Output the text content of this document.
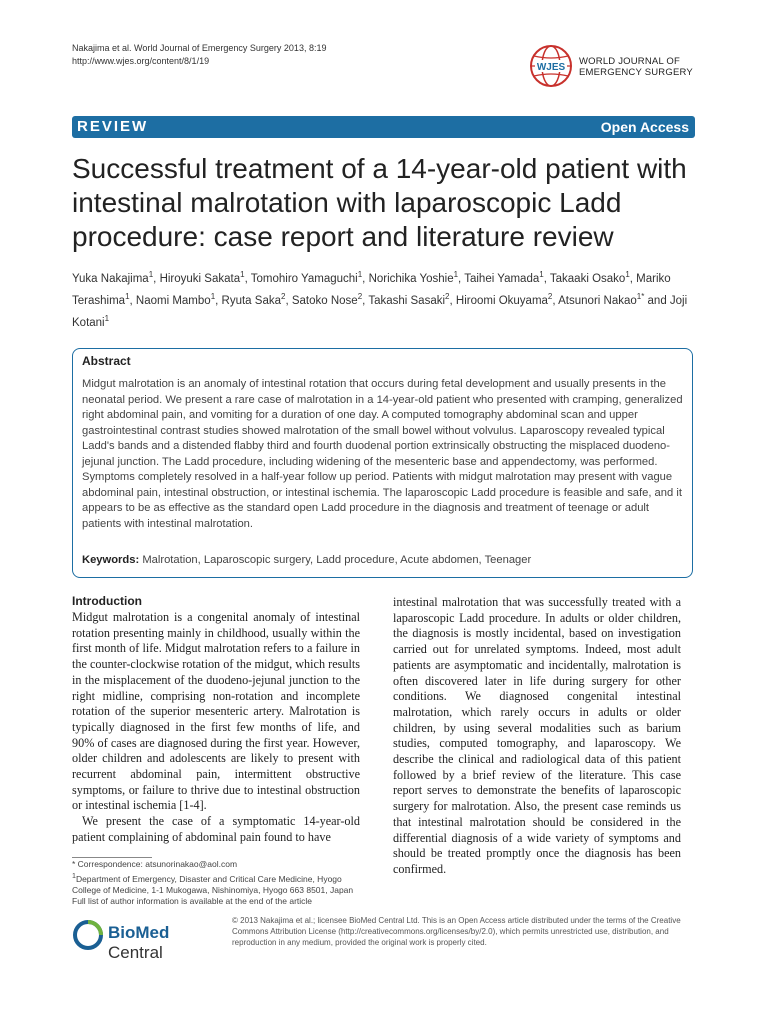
Nakajima et al. World Journal of Emergency Surgery 2013, 8:19
http://www.wjes.org/content/8/1/19
WJES
WORLD JOURNAL OF
EMERGENCY SURGERY
REVIEW	Open Access
Successful treatment of a 14-year-old patient with intestinal malrotation with laparoscopic Ladd procedure: case report and literature review
Yuka Nakajima$^1$, Hiroyuki Sakata$^1$, Tomohiro Yamaguchi$^1$, Norichika Yoshie$^1$, Taihei Yamada$^1$, Takaaki Osako$^1$, Mariko Terashima$^1$, Naomi Mambo$^1$, Ryuta Saka$^2$, Satoko Nose$^2$, Takashi Sasaki$^2$, Hiroomi Okuyama$^2$, Atsunori Nakao$^{1*}$ and Joji Kotani$^1$
Abstract
Midgut malrotation is an anomaly of intestinal rotation that occurs during fetal development and usually presents in the neonatal period. We present a rare case of malrotation in a 14-year-old patient who presented with cramping, generalized right abdominal pain, and vomiting for a duration of one day. A computed tomography abdominal scan and upper gastrointestinal contrast studies showed malrotation of the small bowel without volvulus. Laparoscopy revealed typical Ladd's bands and a distended flabby third and fourth duodenal portion extrinsically obstructing the misplaced duodeno-jejunal junction. The Ladd procedure, including widening of the mesenteric base and appendectomy, was performed. Symptoms completely resolved in a half-year follow up period. Patients with midgut malrotation may present with vague abdominal pain, intestinal obstruction, or intestinal ischemia. The laparoscopic Ladd procedure is feasible and safe, and it appears to be as effective as the standard open Ladd procedure in the diagnosis and treatment of teenage or adult patients with intestinal malrotation.
Keywords: Malrotation, Laparoscopic surgery, Ladd procedure, Acute abdomen, Teenager
Introduction

Midgut malrotation is a congenital anomaly of intestinal rotation presenting mainly in childhood, usually within the first month of life. Midgut malrotation refers to a failure in the counter-clockwise rotation of the midgut, which results in the misplacement of the duodeno-jejunal junction to the right midline, comprising non-rotation and incomplete rotation of the superior mesenteric artery. Malrotation is typically diagnosed in the first few months of life, and 90% of cases are diagnosed during the first year. However, older children and adolescents are likely to present with recurrent abdominal pain, intermittent obstructive symptoms, or failure to thrive due to intestinal obstruction or intestinal ischemia [1-4].

We present the case of a symptomatic 14-year-old patient complaining of abdominal pain found to have

intestinal malrotation that was successfully treated with a laparoscopic Ladd procedure. In adults or older children, the diagnosis is mostly incidental, based on investigation carried out for unrelated symptoms. Indeed, most adult patients are asymptomatic and incidentally, malrotation is often discovered later in life during surgery for other conditions. We diagnosed congenital intestinal malrotation, which rarely occurs in adults or older children, by using several modalities such as barium studies, computed tomography, and laparoscopy. We describe the clinical and radiological data of this patient followed by a brief review of the literature. This case report serves to demonstrate the benefits of laparoscopic surgery for malrotation. Also, the present case reminds us that intestinal malrotation should be considered in the differential diagnosis of a wide variety of symptoms and should be treated promptly once the diagnosis has been confirmed.

* Correspondence: atsunorinakao@aol.com
$^1$Department of Emergency, Disaster and Critical Care Medicine, Hyogo College of Medicine, 1-1 Mukogawa, Nishinomiya, Hyogo 663 8501, Japan
Full list of author information is available at the end of the article
BioMed Central
© 2013 Nakajima et al.; licensee BioMed Central Ltd. This is an Open Access article distributed under the terms of the Creative Commons Attribution License (http://creativecommons.org/licenses/by/2.0), which permits unrestricted use, distribution, and reproduction in any medium, provided the original work is properly cited.
